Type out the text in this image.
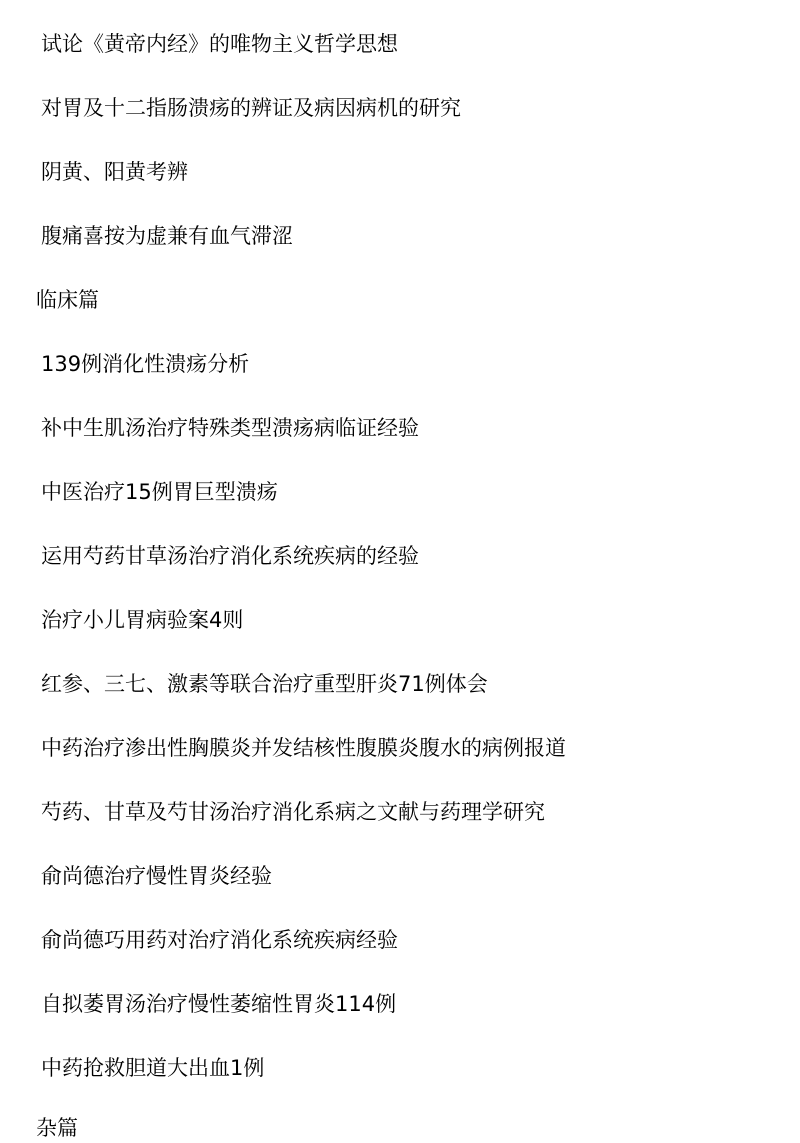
试论《黄帝内经》的唯物主义哲学思想
对胃及十二指肠溃疡的辨证及病因病机的研究
阴黄、阳黄考辨
腹痛喜按为虚兼有血气滞涩
临床篇
139例消化性溃疡分析
补中生肌汤治疗特殊类型溃疡病临证经验
中医治疗15例胃巨型溃疡
运用芍药甘草汤治疗消化系统疾病的经验
治疗小儿胃病验案4则
红参、三七、激素等联合治疗重型肝炎71例体会
中药治疗渗出性胸膜炎并发结核性腹膜炎腹水的病例报道
芍药、甘草及芍甘汤治疗消化系病之文献与药理学研究
俞尚德治疗慢性胃炎经验
俞尚德巧用药对治疗消化系统疾病经验
自拟萎胃汤治疗慢性萎缩性胃炎114例
中药抢救胆道大出血1例
杂篇
